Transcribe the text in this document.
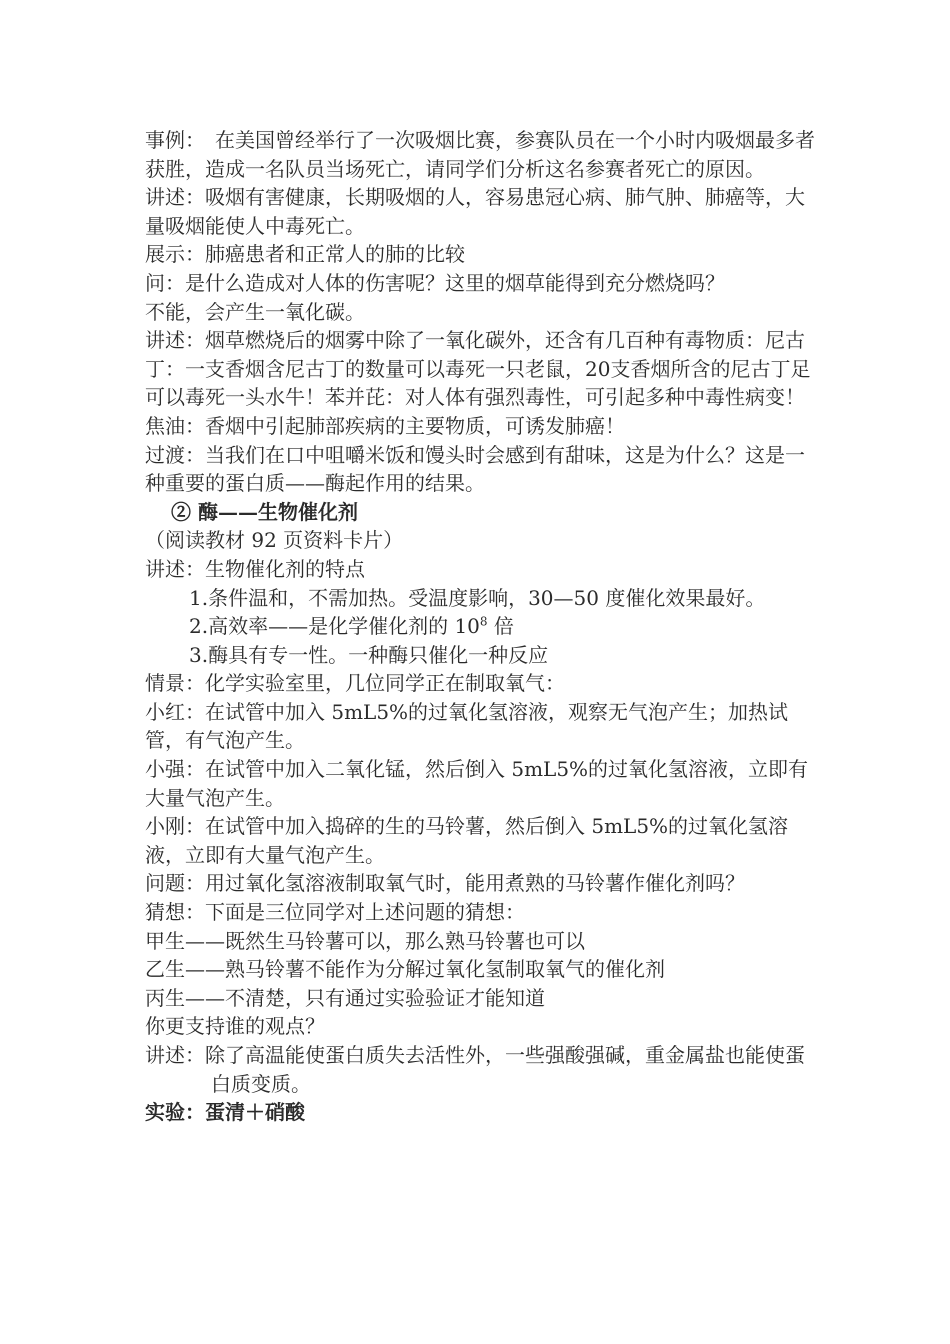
事例：　在美国曾经举行了一次吸烟比赛，参赛队员在一个小时内吸烟最多者获胜，造成一名队员当场死亡，请同学们分析这名参赛者死亡的原因。

讲述：吸烟有害健康，长期吸烟的人，容易患冠心病、肺气肿、肺癌等，大量吸烟能使人中毒死亡。

展示：肺癌患者和正常人的肺的比较

问：是什么造成对人体的伤害呢？这里的烟草能得到充分燃烧吗？

不能，会产生一氧化碳。

讲述：烟草燃烧后的烟雾中除了一氧化碳外，还含有几百种有毒物质：尼古丁：一支香烟含尼古丁的数量可以毒死一只老鼠，20支香烟所含的尼古丁足可以毒死一头水牛！苯并芘：对人体有强烈毒性，可引起多种中毒性病变！焦油：香烟中引起肺部疾病的主要物质，可诱发肺癌！

过渡：当我们在口中咀嚼米饭和馒头时会感到有甜味，这是为什么？这是一种重要的蛋白质——酶起作用的结果。

② 酶——生物催化剂

（阅读教材 92 页资料卡片）

讲述：生物催化剂的特点

1.条件温和，不需加热。受温度影响，30—50 度催化效果最好。

2.高效率——是化学催化剂的 $10^8$ 倍

3.酶具有专一性。一种酶只催化一种反应

情景：化学实验室里，几位同学正在制取氧气：

小红：在试管中加入 5mL5%的过氧化氢溶液，观察无气泡产生；加热试管，有气泡产生。

小强：在试管中加入二氧化锰，然后倒入 5mL5%的过氧化氢溶液，立即有大量气泡产生。

小刚：在试管中加入捣碎的生的马铃薯，然后倒入 5mL5%的过氧化氢溶液，立即有大量气泡产生。

问题：用过氧化氢溶液制取氧气时，能用煮熟的马铃薯作催化剂吗？

猜想：下面是三位同学对上述问题的猜想：

甲生——既然生马铃薯可以，那么熟马铃薯也可以

乙生——熟马铃薯不能作为分解过氧化氢制取氧气的催化剂

丙生——不清楚，只有通过实验验证才能知道

你更支持谁的观点？

讲述：除了高温能使蛋白质失去活性外，一些强酸强碱，重金属盐也能使蛋白质变质。

实验：蛋清＋硝酸
